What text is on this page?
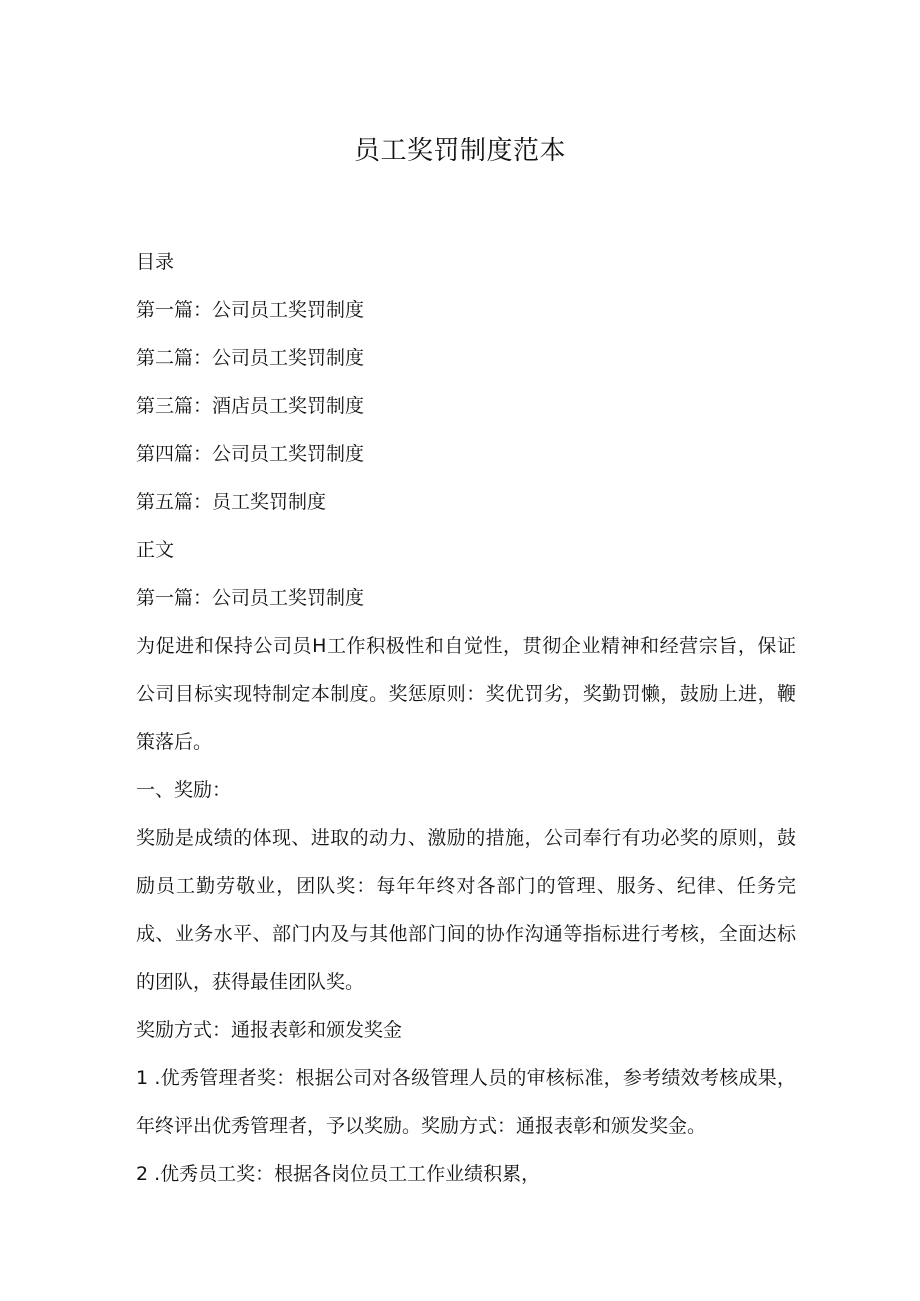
员工奖罚制度范本

目录

第一篇：公司员工奖罚制度

第二篇：公司员工奖罚制度

第三篇：酒店员工奖罚制度

第四篇：公司员工奖罚制度

第五篇：员工奖罚制度

正文

第一篇：公司员工奖罚制度

为促进和保持公司员H工作积极性和自觉性，贯彻企业精神和经营宗旨，保证公司目标实现特制定本制度。奖惩原则：奖优罚劣，奖勤罚懒，鼓励上进，鞭策落后。

一、奖励：

奖励是成绩的体现、进取的动力、激励的措施，公司奉行有功必奖的原则，鼓励员工勤劳敬业，团队奖：每年年终对各部门的管理、服务、纪律、任务完成、业务水平、部门内及与其他部门间的协作沟通等指标进行考核，全面达标的团队，获得最佳团队奖。

奖励方式：通报表彰和颁发奖金

1 .优秀管理者奖：根据公司对各级管理人员的审核标准，参考绩效考核成果，年终评出优秀管理者，予以奖励。奖励方式：通报表彰和颁发奖金。

2 .优秀员工奖：根据各岗位员工工作业绩积累，
